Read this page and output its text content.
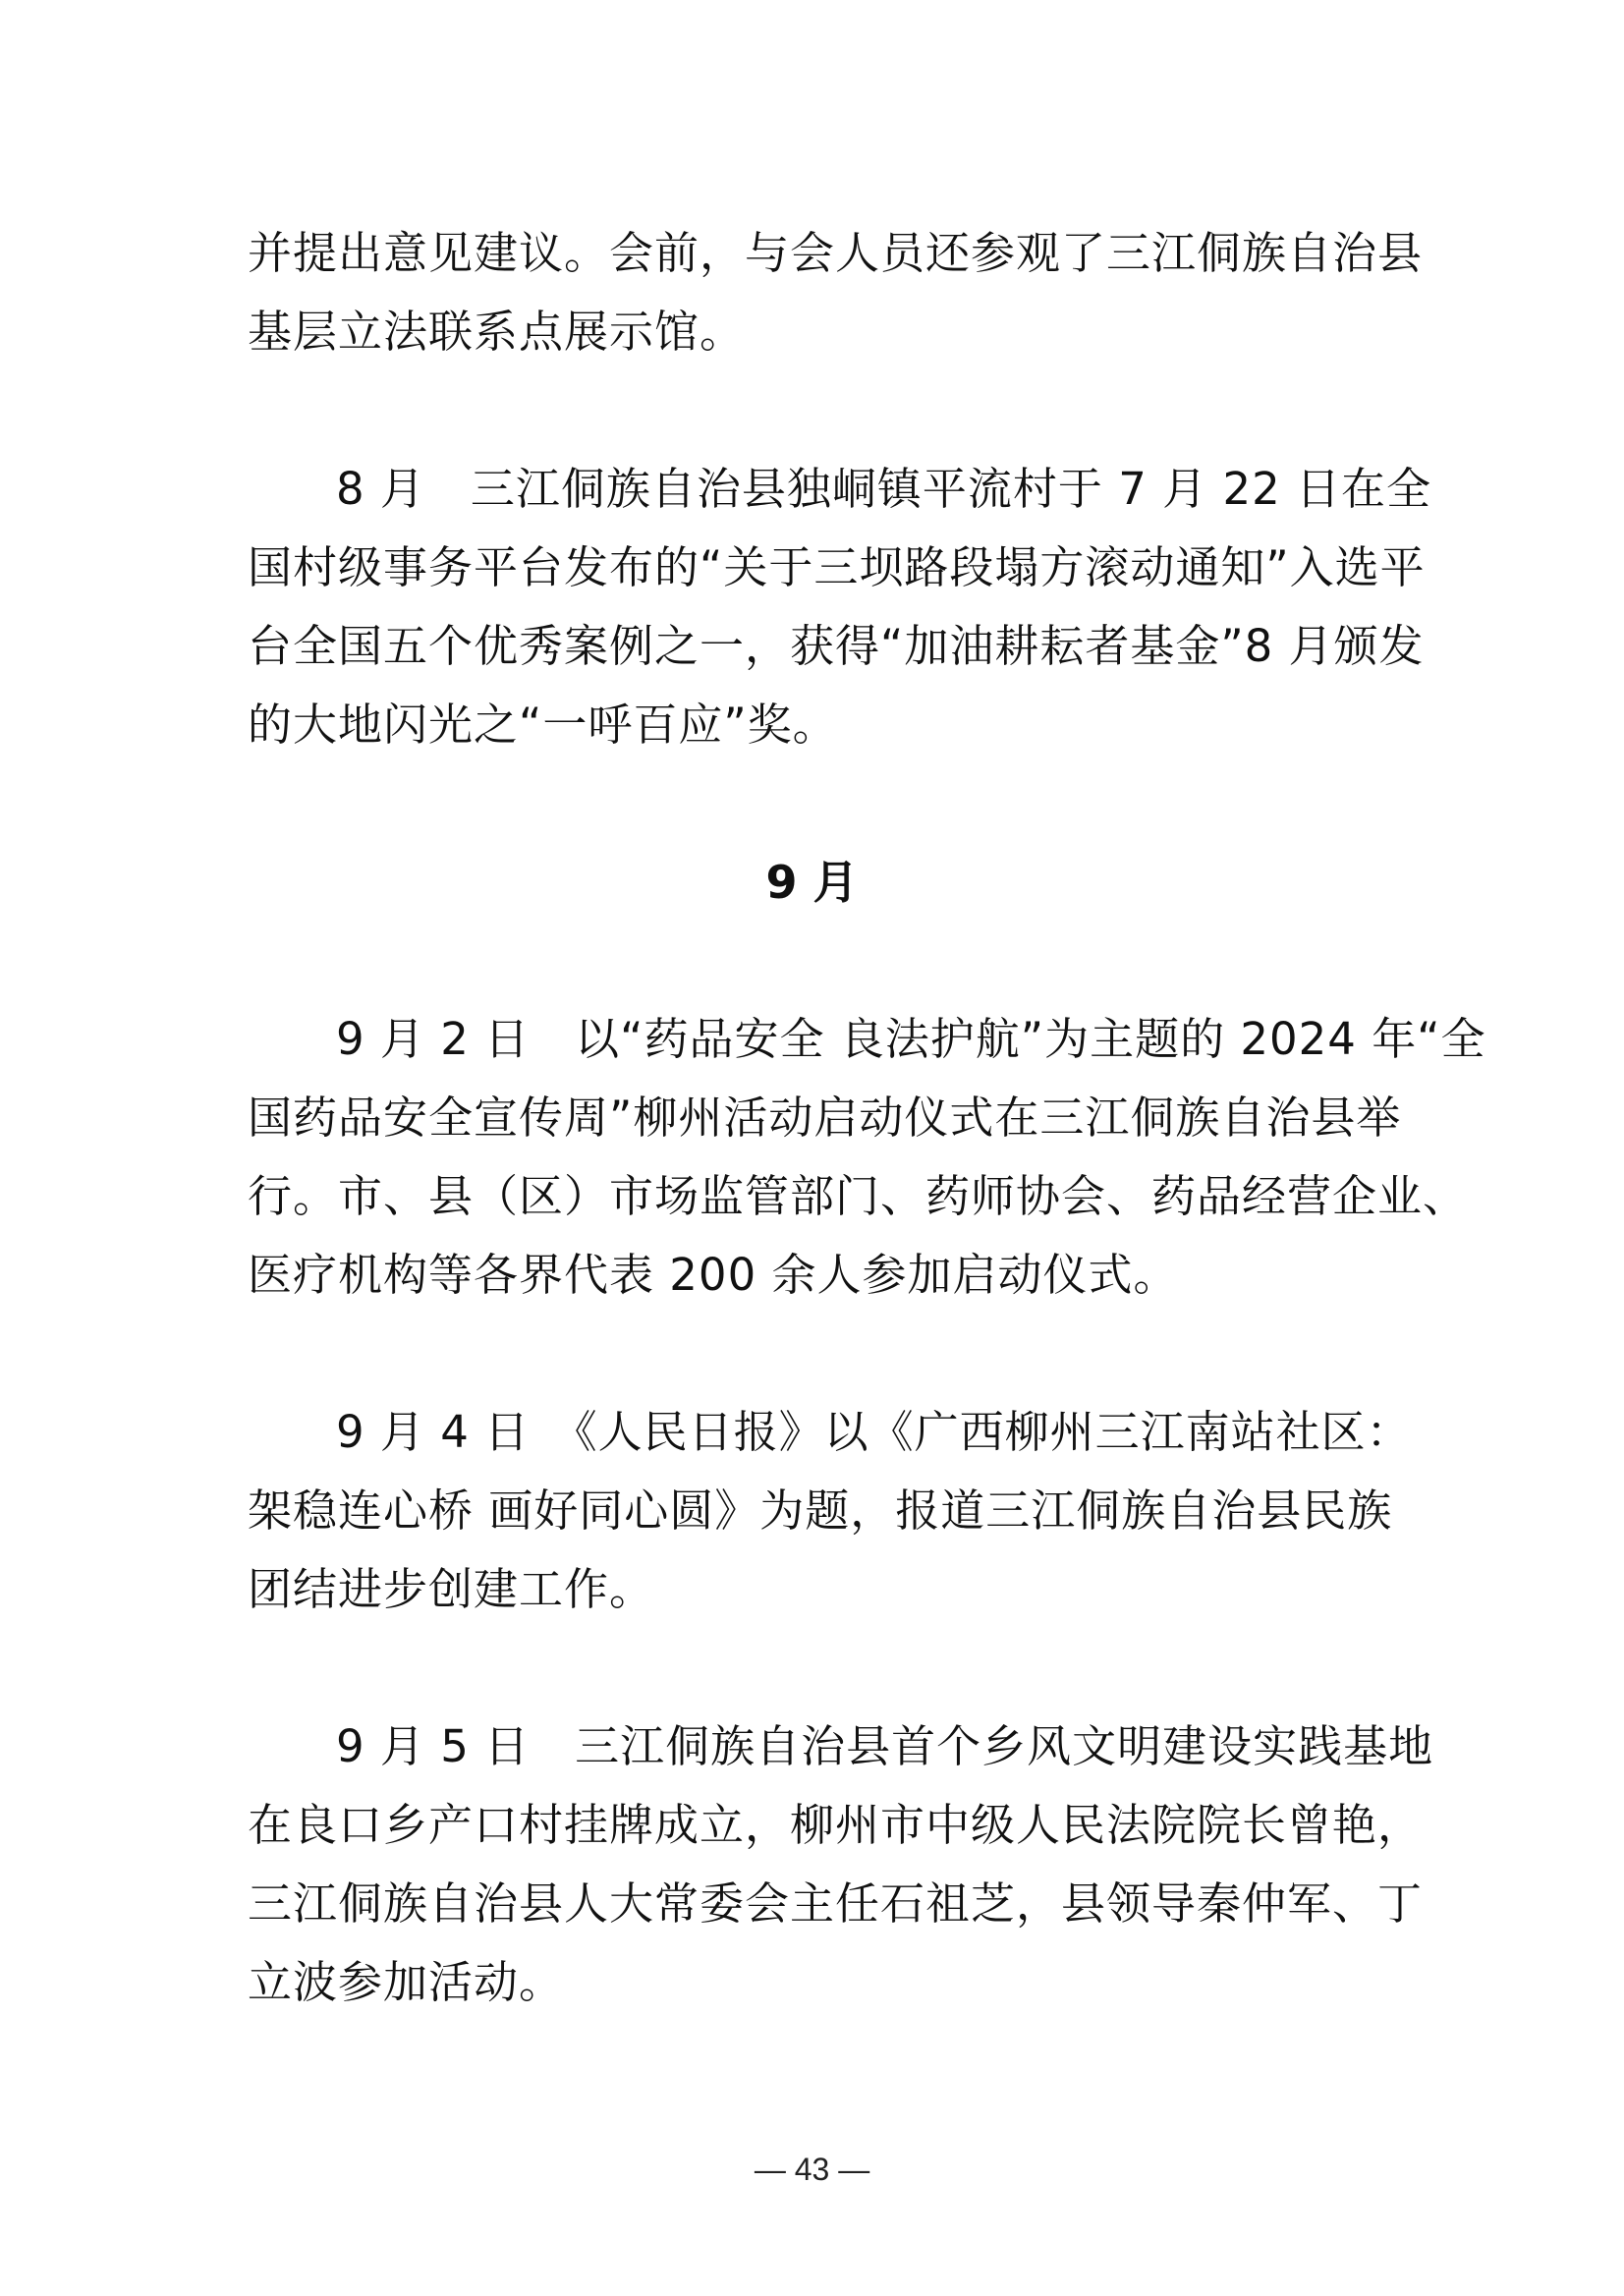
并提出意见建议。会前，与会人员还参观了三江侗族自治县
基层立法联系点展示馆。
8 月　三江侗族自治县独峒镇平流村于 7 月 22 日在全
国村级事务平台发布的“关于三坝路段塌方滚动通知”入选平
台全国五个优秀案例之一，获得“加油耕耘者基金”8 月颁发
的大地闪光之“一呼百应”奖。
9 月
9 月 2 日　以“药品安全 良法护航”为主题的 2024 年“全
国药品安全宣传周”柳州活动启动仪式在三江侗族自治县举
行。市、县（区）市场监管部门、药师协会、药品经营企业、
医疗机构等各界代表 200 余人参加启动仪式。
9 月 4 日　《人民日报》以《广西柳州三江南站社区：
架稳连心桥 画好同心圆》为题，报道三江侗族自治县民族
团结进步创建工作。
9 月 5 日　三江侗族自治县首个乡风文明建设实践基地
在良口乡产口村挂牌成立，柳州市中级人民法院院长曾艳，
三江侗族自治县人大常委会主任石祖芝，县领导秦仲军、丁
立波参加活动。
— 43 —
